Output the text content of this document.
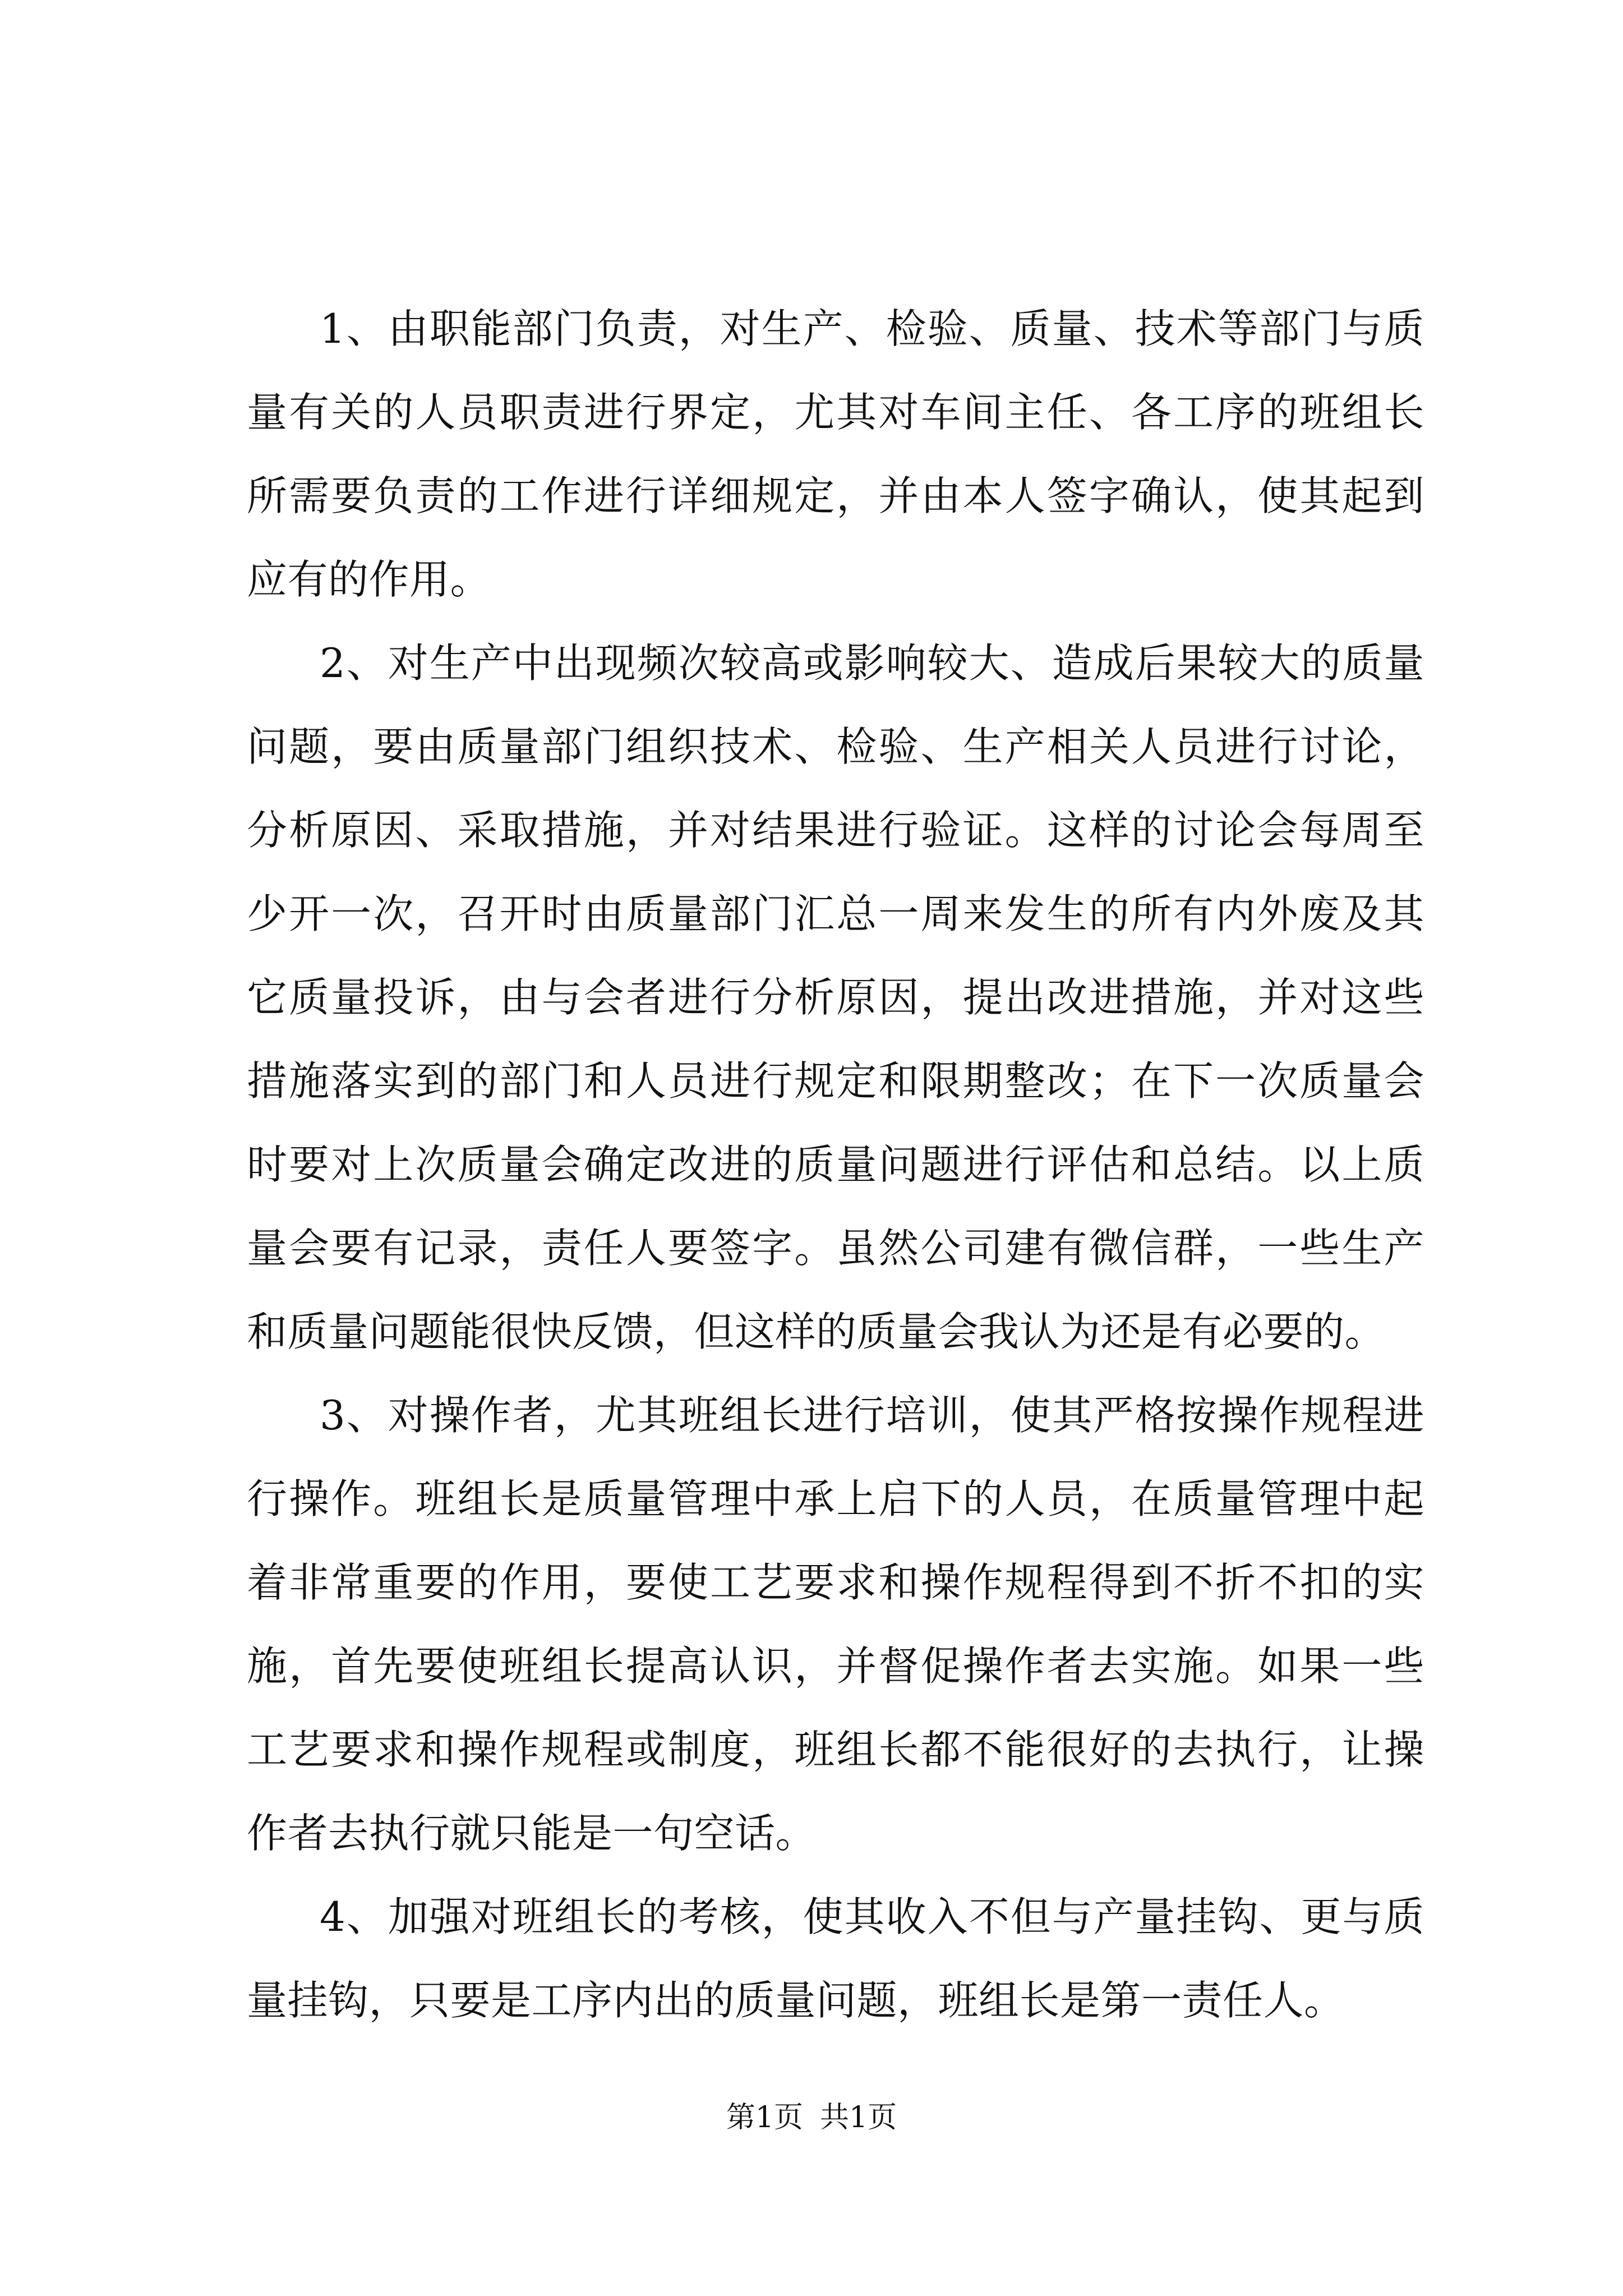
1、由职能部门负责，对生产、检验、质量、技术等部门与质量有关的人员职责进行界定，尤其对车间主任、各工序的班组长所需要负责的工作进行详细规定，并由本人签字确认，使其起到应有的作用。

2、对生产中出现频次较高或影响较大、造成后果较大的质量问题，要由质量部门组织技术、检验、生产相关人员进行讨论，分析原因、采取措施，并对结果进行验证。这样的讨论会每周至少开一次，召开时由质量部门汇总一周来发生的所有内外废及其它质量投诉，由与会者进行分析原因，提出改进措施，并对这些措施落实到的部门和人员进行规定和限期整改；在下一次质量会时要对上次质量会确定改进的质量问题进行评估和总结。以上质量会要有记录，责任人要签字。虽然公司建有微信群，一些生产和质量问题能很快反馈，但这样的质量会我认为还是有必要的。

3、对操作者，尤其班组长进行培训，使其严格按操作规程进行操作。班组长是质量管理中承上启下的人员，在质量管理中起着非常重要的作用，要使工艺要求和操作规程得到不折不扣的实施，首先要使班组长提高认识，并督促操作者去实施。如果一些工艺要求和操作规程或制度，班组长都不能很好的去执行，让操作者去执行就只能是一句空话。

4、加强对班组长的考核，使其收入不但与产量挂钩、更与质量挂钩，只要是工序内出的质量问题，班组长是第一责任人。

第1页 共1页
